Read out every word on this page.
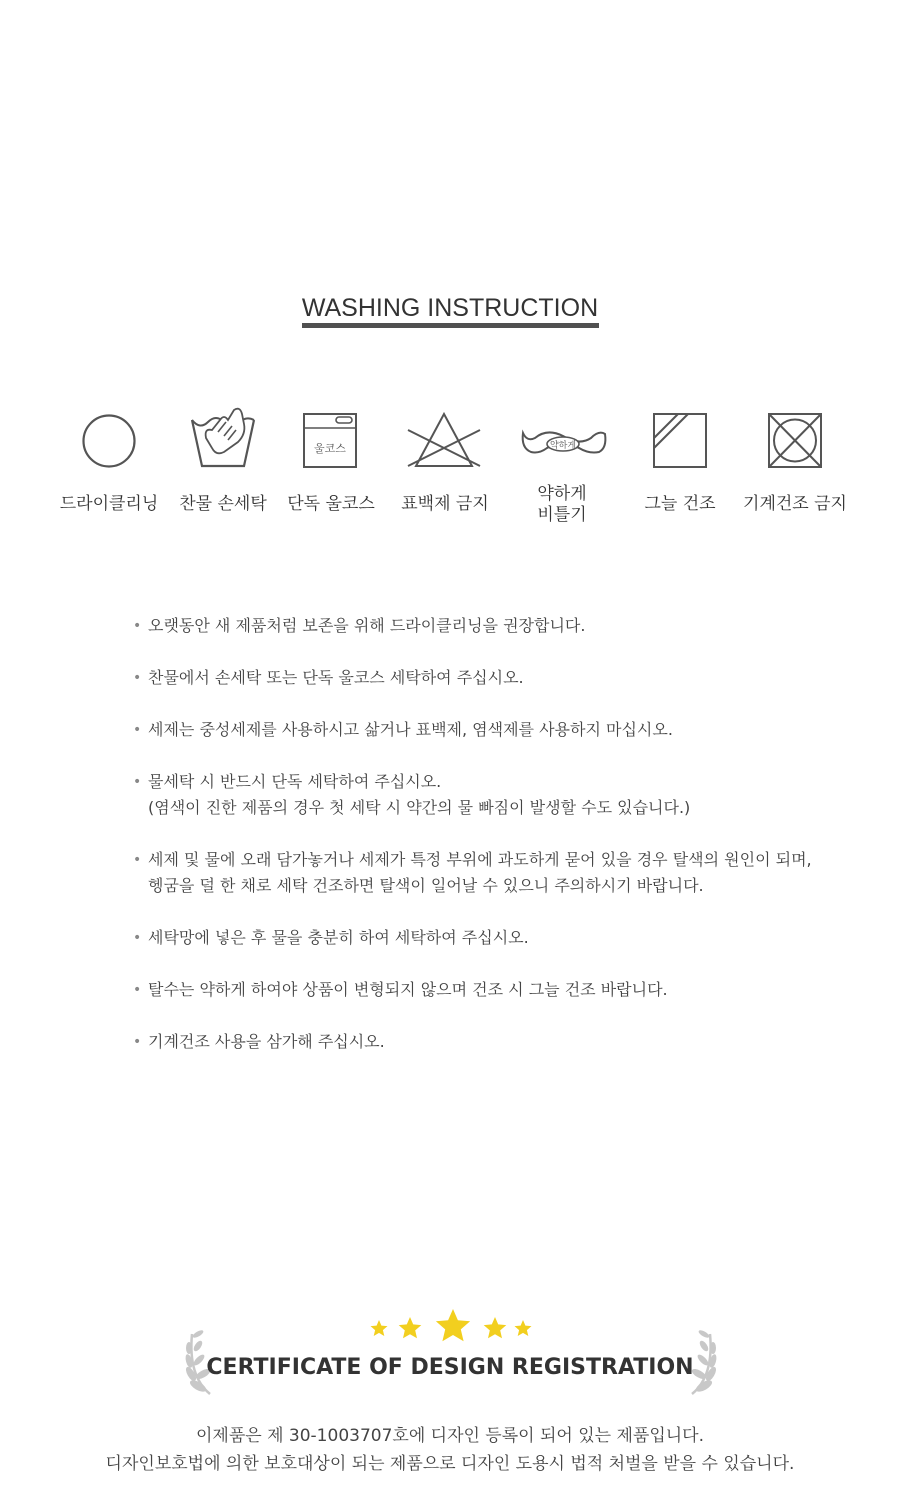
WASHING INSTRUCTION
울코스	약하게
드라이클리닝	찬물 손세탁	단독 울코스	표백제 금지	약하게
비틀기
그늘 건조	기계건조 금지
• 오랫동안 새 제품처럼 보존을 위해 드라이클리닝을 권장합니다.
• 찬물에서 손세탁 또는 단독 울코스 세탁하여 주십시오.
• 세제는 중성세제를 사용하시고 삶거나 표백제, 염색제를 사용하지 마십시오.
• 물세탁 시 반드시 단독 세탁하여 주십시오.
(염색이 진한 제품의 경우 첫 세탁 시 약간의 물 빠짐이 발생할 수도 있습니다.)
• 세제 및 물에 오래 담가놓거나 세제가 특정 부위에 과도하게 묻어 있을 경우 탈색의 원인이 되며,
헹굼을 덜 한 채로 세탁 건조하면 탈색이 일어날 수 있으니 주의하시기 바랍니다.
• 세탁망에 넣은 후 물을 충분히 하여 세탁하여 주십시오.
• 탈수는 약하게 하여야 상품이 변형되지 않으며 건조 시 그늘 건조 바랍니다.
• 기계건조 사용을 삼가해 주십시오.
CERTIFICATE OF DESIGN REGISTRATION
이제품은 제 30-1003707호에 디자인 등록이 되어 있는 제품입니다.
디자인보호법에 의한 보호대상이 되는 제품으로 디자인 도용시 법적 처벌을 받을 수 있습니다.
